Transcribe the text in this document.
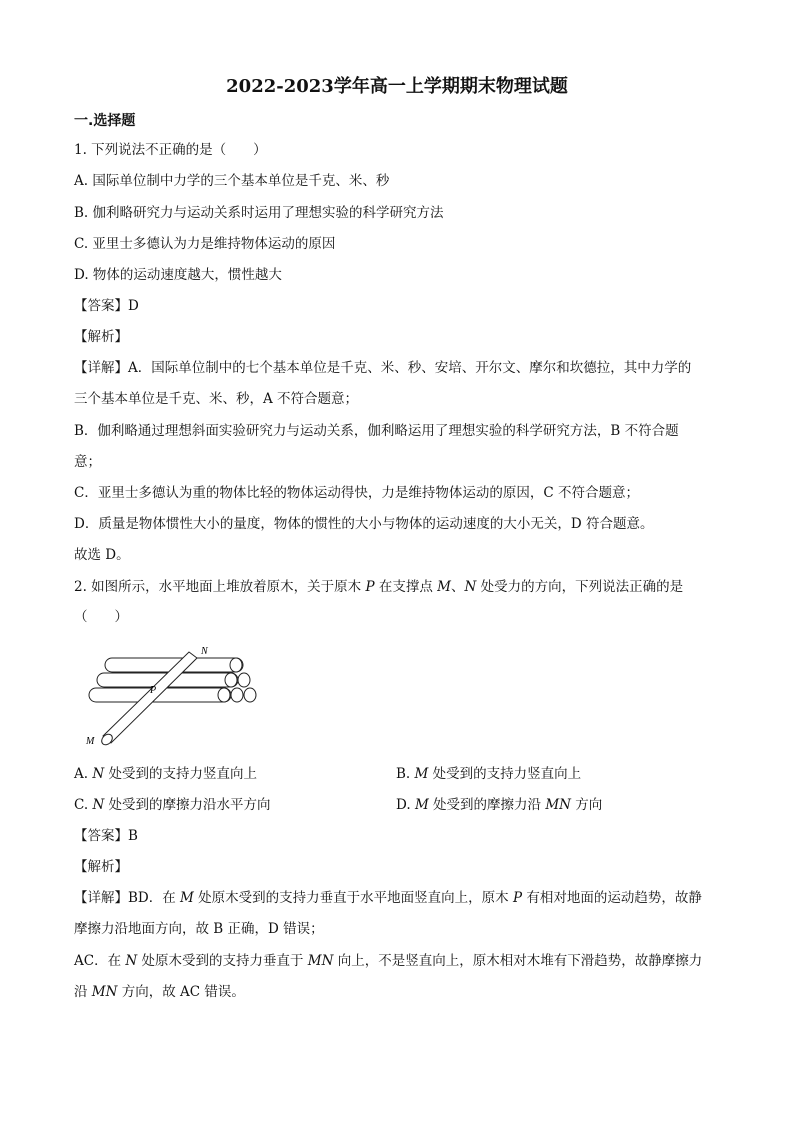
2022-2023学年高一上学期期末物理试题
一.选择题
1. 下列说法不正确的是（　　）
A. 国际单位制中力学的三个基本单位是千克、米、秒
B. 伽利略研究力与运动关系时运用了理想实验的科学研究方法
C. 亚里士多德认为力是维持物体运动的原因
D. 物体的运动速度越大，惯性越大
【答案】D
【解析】
【详解】A．国际单位制中的七个基本单位是千克、米、秒、安培、开尔文、摩尔和坎德拉，其中力学的
三个基本单位是千克、米、秒，A 不符合题意；
B．伽利略通过理想斜面实验研究力与运动关系，伽利略运用了理想实验的科学研究方法，B 不符合题
意；
C．亚里士多德认为重的物体比轻的物体运动得快，力是维持物体运动的原因，C 不符合题意；
D．质量是物体惯性大小的量度，物体的惯性的大小与物体的运动速度的大小无关，D 符合题意。
故选 D。
2. 如图所示，水平地面上堆放着原木，关于原木 P 在支撑点 M、N 处受力的方向，下列说法正确的是
（　　）
N
P
M
A. N 处受到的支持力竖直向上	B. M 处受到的支持力竖直向上
C. N 处受到的摩擦力沿水平方向	D. M 处受到的摩擦力沿 MN 方向
【答案】B
【解析】
【详解】BD．在 M 处原木受到的支持力垂直于水平地面竖直向上，原木 P 有相对地面的运动趋势，故静
摩擦力沿地面方向，故 B 正确，D 错误；
AC．在 N 处原木受到的支持力垂直于 MN 向上，不是竖直向上，原木相对木堆有下滑趋势，故静摩擦力
沿 MN 方向，故 AC 错误。
